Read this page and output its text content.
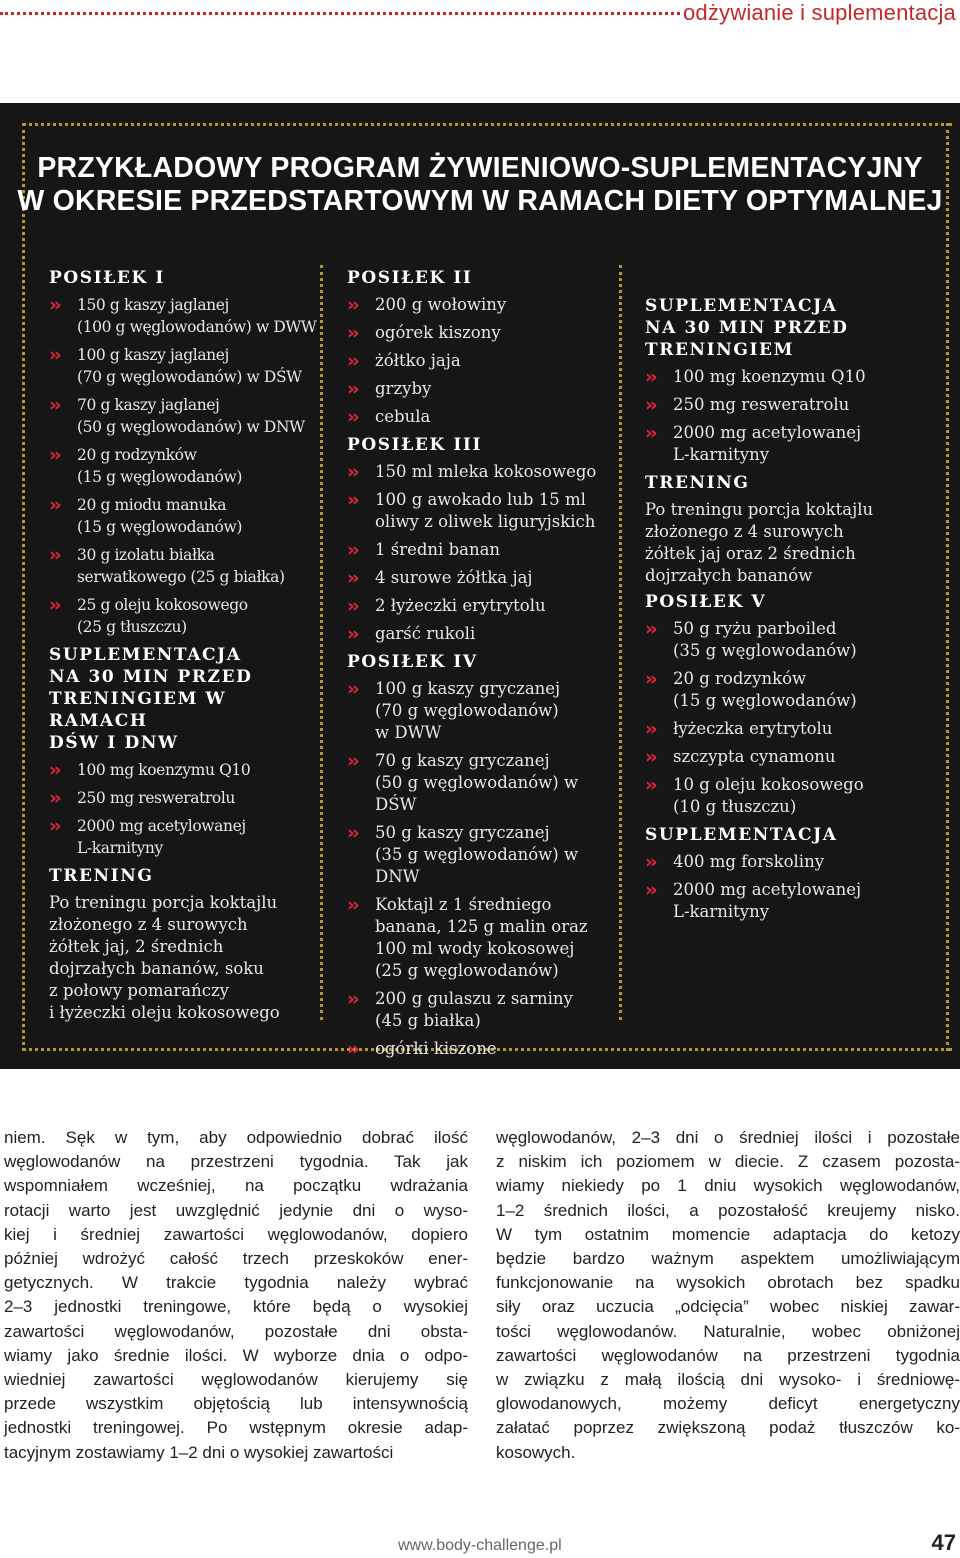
odżywianie i suplementacja
PRZYKŁADOWY PROGRAM ŻYWIENIOWO-SUPLEMENTACYJNY
W OKRESIE PRZEDSTARTOWYM W RAMACH DIETY OPTYMALNEJ
POSIŁEK I
›› 150 g kaszy jaglanej
(100 g węglowodanów) w DWW
›› 100 g kaszy jaglanej
(70 g węglowodanów) w DŚW
›› 70 g kaszy jaglanej
(50 g węglowodanów) w DNW
›› 20 g rodzynków
(15 g węglowodanów)
›› 20 g miodu manuka
(15 g węglowodanów)
›› 30 g izolatu białka
serwatkowego (25 g białka)
›› 25 g oleju kokosowego
(25 g tłuszczu)
SUPLEMENTACJA
NA 30 MIN PRZED
TRENINGIEM W RAMACH
DŚW I DNW
›› 100 mg koenzymu Q10
›› 250 mg resweratrolu
›› 2000 mg acetylowanej
L-karnityny
TRENING
Po treningu porcja koktajlu
złożonego z 4 surowych
żółtek jaj, 2 średnich
dojrzałych bananów, soku
z połowy pomarańczy
i łyżeczki oleju kokosowego
POSIŁEK II
›› 200 g wołowiny
›› ogórek kiszony
›› żółtko jaja
›› grzyby
›› cebula
POSIŁEK III
›› 150 ml mleka kokosowego
›› 100 g awokado lub 15 ml
oliwy z oliwek liguryjskich
›› 1 średni banan
›› 4 surowe żółtka jaj
›› 2 łyżeczki erytrytolu
›› garść rukoli
POSIŁEK IV
›› 100 g kaszy gryczanej
(70 g węglowodanów)
w DWW
›› 70 g kaszy gryczanej
(50 g węglowodanów) w DŚW
›› 50 g kaszy gryczanej
(35 g węglowodanów) w DNW
›› Koktajl z 1 średniego
banana, 125 g malin oraz
100 ml wody kokosowej
(25 g węglowodanów)
›› 200 g gulaszu z sarniny
(45 g białka)
›› ogórki kiszone
SUPLEMENTACJA
NA 30 MIN PRZED
TRENINGIEM
›› 100 mg koenzymu Q10
›› 250 mg resweratrolu
›› 2000 mg acetylowanej
L-karnityny
TRENING
Po treningu porcja koktajlu
złożonego z 4 surowych
żółtek jaj oraz 2 średnich
dojrzałych bananów
POSIŁEK V
›› 50 g ryżu parboiled
(35 g węglowodanów)
›› 20 g rodzynków
(15 g węglowodanów)
›› łyżeczka erytrytolu
›› szczypta cynamonu
›› 10 g oleju kokosowego
(10 g tłuszczu)
SUPLEMENTACJA
›› 400 mg forskoliny
›› 2000 mg acetylowanej
L-karnityny
niem. Sęk w tym, aby odpowiednio dobrać ilość
węglowodanów na przestrzeni tygodnia. Tak jak
wspomniałem wcześniej, na początku wdrażania
rotacji warto jest uwzględnić jedynie dni o wyso-
kiej i średniej zawartości węglowodanów, dopiero
później wdrożyć całość trzech przeskoków ener-
getycznych. W trakcie tygodnia należy wybrać
2–3 jednostki treningowe, które będą o wysokiej
zawartości węglowodanów, pozostałe dni obsta-
wiamy jako średnie ilości. W wyborze dnia o odpo-
wiedniej zawartości węglowodanów kierujemy się
przede wszystkim objętością lub intensywnością
jednostki treningowej. Po wstępnym okresie adap-
tacyjnym zostawiamy 1–2 dni o wysokiej zawartości
węglowodanów, 2–3 dni o średniej ilości i pozostałe
z niskim ich poziomem w diecie. Z czasem pozosta-
wiamy niekiedy po 1 dniu wysokich węglowodanów,
1–2 średnich ilości, a pozostałość kreujemy nisko.
W tym ostatnim momencie adaptacja do ketozy
będzie bardzo ważnym aspektem umożliwiającym
funkcjonowanie na wysokich obrotach bez spadku
siły oraz uczucia „odcięcia” wobec niskiej zawar-
tości węglowodanów. Naturalnie, wobec obniżonej
zawartości węglowodanów na przestrzeni tygodnia
w związku z małą ilością dni wysoko- i średniowę-
glowodanowych, możemy deficyt energetyczny
załatać poprzez zwiększoną podaż tłuszczów ko-
kosowych.
www.body-challenge.pl	47
